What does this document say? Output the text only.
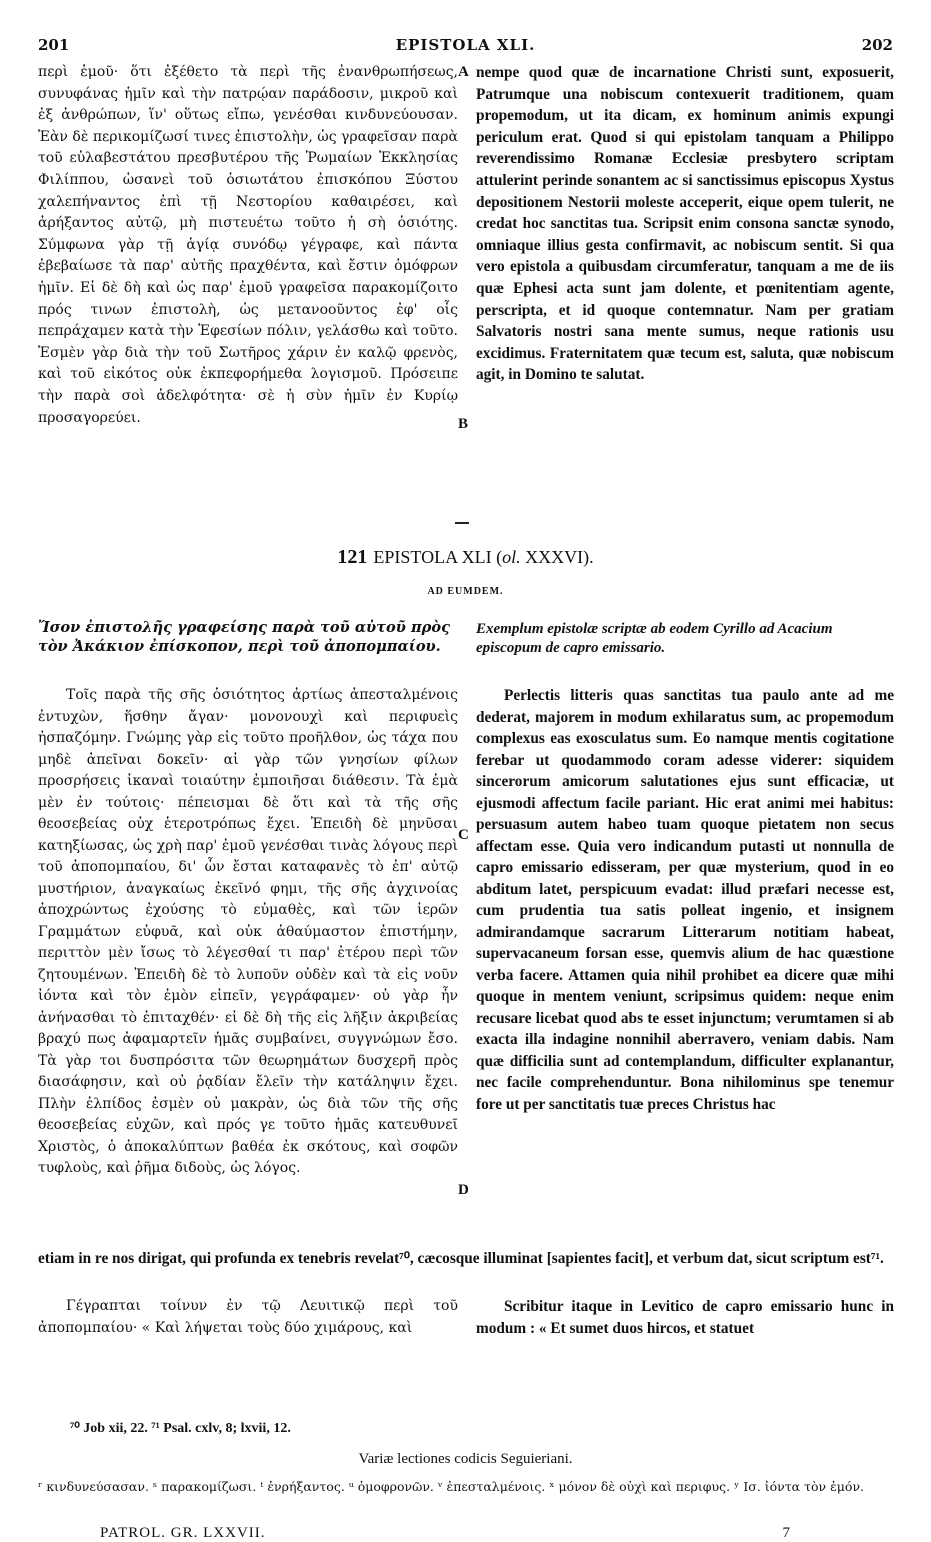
201	EPISTOLA XLI.	202

περὶ ἐμοῦ· ὅτι ἐξέθετο τὰ περὶ τῆς ἐνανθρωπήσεως, συνυφάνας ἡμῖν καὶ τὴν πατρῴαν παράδοσιν, μικροῦ καὶ ἐξ ἀνθρώπων, ἵν' οὕτως εἴπω, γενέσθαι κινδυνεύουσαν. Ἐὰν δὲ περικομίζωσί τινες ἐπιστολὴν, ὡς γραφεῖσαν παρὰ τοῦ εὐλαβεστάτου πρεσβυτέρου τῆς Ῥωμαίων Ἐκκλησίας Φιλίππου, ὡσανεὶ τοῦ ὁσιωτάτου ἐπισκόπου Ξύστου χαλεπήναντος ἐπὶ τῇ Νεστορίου καθαιρέσει, καὶ ἀρήξαντος αὐτῷ, μὴ πιστευέτω τοῦτο ἡ σὴ ὁσιότης. Σύμφωνα γὰρ τῇ ἁγίᾳ συνόδῳ γέγραφε, καὶ πάντα ἐβεβαίωσε τὰ παρ' αὐτῆς πραχθέντα, καὶ ἔστιν ὁμόφρων ἡμῖν. Εἰ δὲ δὴ καὶ ὡς παρ' ἐμοῦ γραφεῖσα παρακομίζοιτο πρός τινων ἐπιστολὴ, ὡς μετανοοῦντος ἐφ' οἷς πεπράχαμεν κατὰ τὴν Ἐφεσίων πόλιν, γελάσθω καὶ τοῦτο. Ἐσμὲν γὰρ διὰ τὴν τοῦ Σωτῆρος χάριν ἐν καλῷ φρενὸς, καὶ τοῦ εἰκότος οὐκ ἐκπεφορήμεθα λογισμοῦ. Πρόσειπε τὴν παρὰ σοὶ ἀδελφότητα· σὲ ἡ σὺν ἡμῖν ἐν Κυρίῳ προσαγορεύει.

A
B

nempe quod quæ de incarnatione Christi sunt, exposuerit, Patrumque una nobiscum contexuerit traditionem, quam propemodum, ut ita dicam, ex hominum animis expungi periculum erat. Quod si qui epistolam tanquam a Philippo reverendissimo Romanæ Ecclesiæ presbytero scriptam attulerint perinde sonantem ac si sanctissimus episcopus Xystus depositionem Nestorii moleste acceperit, eique opem tulerit, ne credat hoc sanctitas tua. Scripsit enim consona sanctæ synodo, omniaque illius gesta confirmavit, ac nobiscum sentit. Si qua vero epistola a quibusdam circumferatur, tanquam a me de iis quæ Ephesi acta sunt jam dolente, et pœnitentiam agente, perscripta, et id quoque contemnatur. Nam per gratiam Salvatoris nostri sana mente sumus, neque rationis usu excidimus. Fraternitatem quæ tecum est, saluta, quæ nobiscum agit, in Domino te salutat.

121 EPISTOLA XLI (ol. XXXVI).
AD EUMDEM.
Ἴσον ἐπιστολῆς γραφείσης παρὰ τοῦ αὐτοῦ πρὸς τὸν Ἀκάκιον ἐπίσκοπον, περὶ τοῦ ἀποπομπαίου.
Exemplum epistolæ scriptæ ab eodem Cyrillo ad Acacium episcopum de capro emissario.

Τοῖς παρὰ τῆς σῆς ὁσιότητος ἀρτίως ἀπεσταλμένοις ἐντυχὼν, ἥσθην ἄγαν· μονονουχὶ καὶ περιφυεὶς ἠσπαζόμην. Γνώμης γὰρ εἰς τοῦτο προῆλθον, ὡς τάχα που μηδὲ ἀπεῖναι δοκεῖν· αἱ γὰρ τῶν γνησίων φίλων προσρήσεις ἱκαναὶ τοιαύτην ἐμποιῆσαι διάθεσιν. Τὰ ἐμὰ μὲν ἐν τούτοις· πέπεισμαι δὲ ὅτι καὶ τὰ τῆς σῆς θεοσεβείας οὐχ ἑτεροτρόπως ἔχει. Ἐπειδὴ δὲ μηνῦσαι κατηξίωσας, ὡς χρὴ παρ' ἐμοῦ γενέσθαι τινὰς λόγους περὶ τοῦ ἀποπομπαίου, δι' ὧν ἔσται καταφανὲς τὸ ἐπ' αὐτῷ μυστήριον, ἀναγκαίως ἐκεῖνό φημι, τῆς σῆς ἀγχινοίας ἀποχρώντως ἐχούσης τὸ εὐμαθὲς, καὶ τῶν ἱερῶν Γραμμάτων εὐφυᾶ, καὶ οὐκ ἀθαύμαστον ἐπιστήμην, περιττὸν μὲν ἴσως τὸ λέγεσθαί τι παρ' ἑτέρου περὶ τῶν ζητουμένων. Ἐπειδὴ δὲ τὸ λυποῦν οὐδὲν καὶ τὰ εἰς νοῦν ἰόντα καὶ τὸν ἐμὸν εἰπεῖν, γεγράφαμεν· οὐ γὰρ ἦν ἀνήνασθαι τὸ ἐπιταχθέν· εἰ δὲ δὴ τῆς εἰς λῆξιν ἀκριβείας βραχύ πως ἀφαμαρτεῖν ἡμᾶς συμβαίνει, συγγνώμων ἔσο. Τὰ γὰρ τοι δυσπρόσιτα τῶν θεωρημάτων δυσχερῆ πρὸς διασάφησιν, καὶ οὐ ῥᾳδίαν ἔλεῖν τὴν κατάληψιν ἔχει. Πλὴν ἐλπίδος ἐσμὲν οὐ μακρὰν, ὡς διὰ τῶν τῆς σῆς θεοσεβείας εὐχῶν, καὶ πρός γε τοῦτο ἡμᾶς κατευθυνεῖ Χριστὸς, ὁ ἀποκαλύπτων βαθέα ἐκ σκότους, καὶ σοφῶν τυφλοὺς, καὶ ῥῆμα διδοὺς, ὡς λόγος.

C
D

Perlectis litteris quas sanctitas tua paulo ante ad me dederat, majorem in modum exhilaratus sum, ac propemodum complexus eas exosculatus sum. Eo namque mentis cogitatione ferebar ut quodammodo coram adesse viderer: siquidem sincerorum amicorum salutationes ejus sunt efficaciæ, ut ejusmodi affectum facile pariant. Hic erat animi mei habitus: persuasum autem habeo tuam quoque pietatem non secus affectam esse. Quia vero indicandum putasti ut nonnulla de capro emissario edisseram, per quæ mysterium, quod in eo abditum latet, perspicuum evadat: illud præfari necesse est, cum prudentia tua satis polleat ingenio, et insignem admirandamque sacrarum Litterarum notitiam habeat, supervacaneum forsan esse, quemvis alium de hac quæstione verba facere. Attamen quia nihil prohibet ea dicere quæ mihi quoque in mentem veniunt, scripsimus quidem: neque enim recusare licebat quod abs te esset injunctum; verumtamen si ab exacta illa indagine nonnihil aberravero, veniam dabis. Nam quæ difficilia sunt ad contemplandum, difficulter explanantur, nec facile comprehenduntur. Bona nihilominus spe tenemur fore ut per sanctitatis tuæ preces Christus hac

etiam in re nos dirigat, qui profunda ex tenebris revelat⁷⁰, cæcosque illuminat [sapientes facit], et verbum dat, sicut scriptum est⁷¹.

Γέγραπται τοίνυν ἐν τῷ Λευιτικῷ περὶ τοῦ ἀποπομπαίου· « Καὶ λήψεται τοὺς δύο χιμάρους, καὶ

Scribitur itaque in Levitico de capro emissario hunc in modum : « Et sumet duos hircos, et statuet

⁷⁰ Job xii, 22. ⁷¹ Psal. cxlv, 8; lxvii, 12.
Variæ lectiones codicis Seguieriani.
ʳ κινδυνεύσασαν. ˢ παρακομίζωσι. ᵗ ἐνρήξαντος. ᵘ ὁμοφρονῶν. ᵛ ἐπεσταλμένοις. ˣ μόνον δὲ οὐχὶ καὶ περιφυς. ʸ Ισ. ἰόντα τὸν ἐμόν.
PATROL. GR. LXXVII.	7
